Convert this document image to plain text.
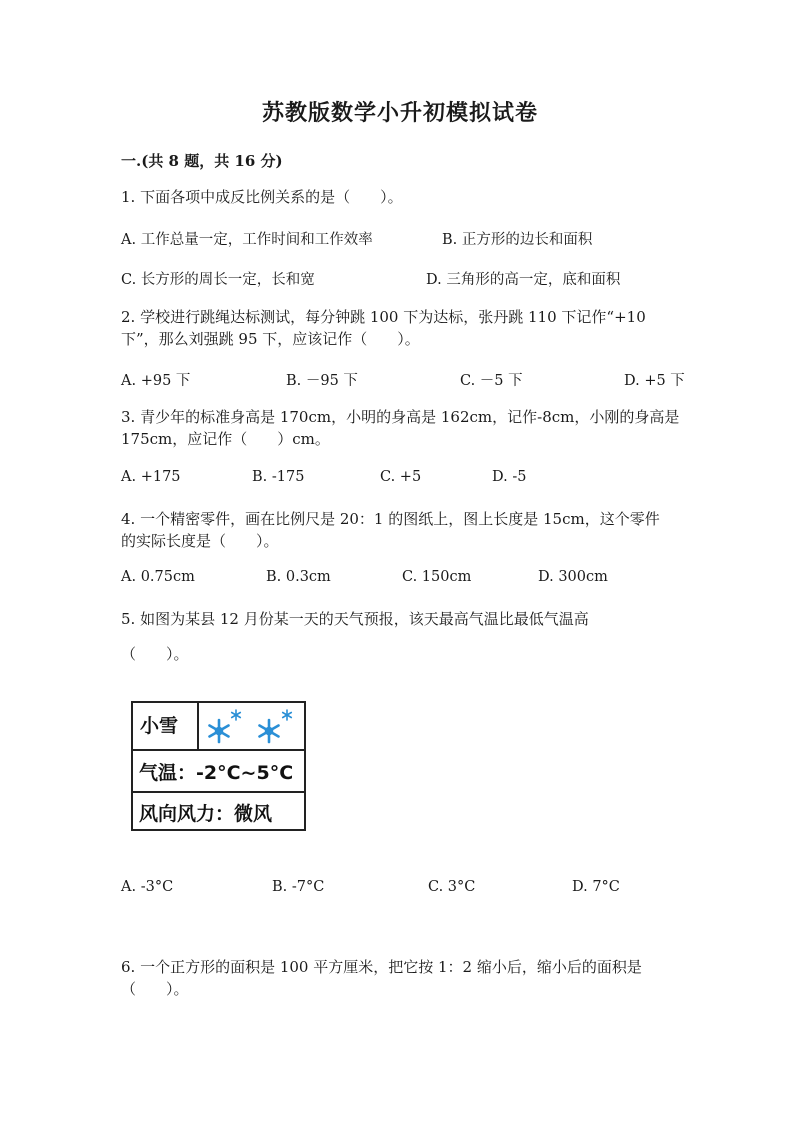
苏教版数学小升初模拟试卷
一.(共 8 题，共 16 分)
1. 下面各项中成反比例关系的是（　　）。
A. 工作总量一定，工作时间和工作效率	B. 正方形的边长和面积
C. 长方形的周长一定，长和宽	D. 三角形的高一定，底和面积
2. 学校进行跳绳达标测试，每分钟跳 100 下为达标，张丹跳 110 下记作“+10
下”，那么刘强跳 95 下，应该记作（　　）。
A. +95 下	B. －95 下	C. －5 下	D. +5 下
3. 青少年的标准身高是 170cm，小明的身高是 162cm，记作-8cm，小刚的身高是
175cm，应记作（　　）cm。
A. +175	B. -175	C. +5	D. -5
4. 一个精密零件，画在比例尺是 20：1 的图纸上，图上长度是 15cm，这个零件
的实际长度是（　　）。
A. 0.75cm	B. 0.3cm	C. 150cm	D. 300cm
5. 如图为某县 12 月份某一天的天气预报，该天最高气温比最低气温高
（　　）。
小雪
气温：-2°C~5°C
风向风力：微风
A. -3°C	B. -7°C	C. 3°C	D. 7°C
6. 一个正方形的面积是 100 平方厘米，把它按 1：2 缩小后，缩小后的面积是
（　　）。
